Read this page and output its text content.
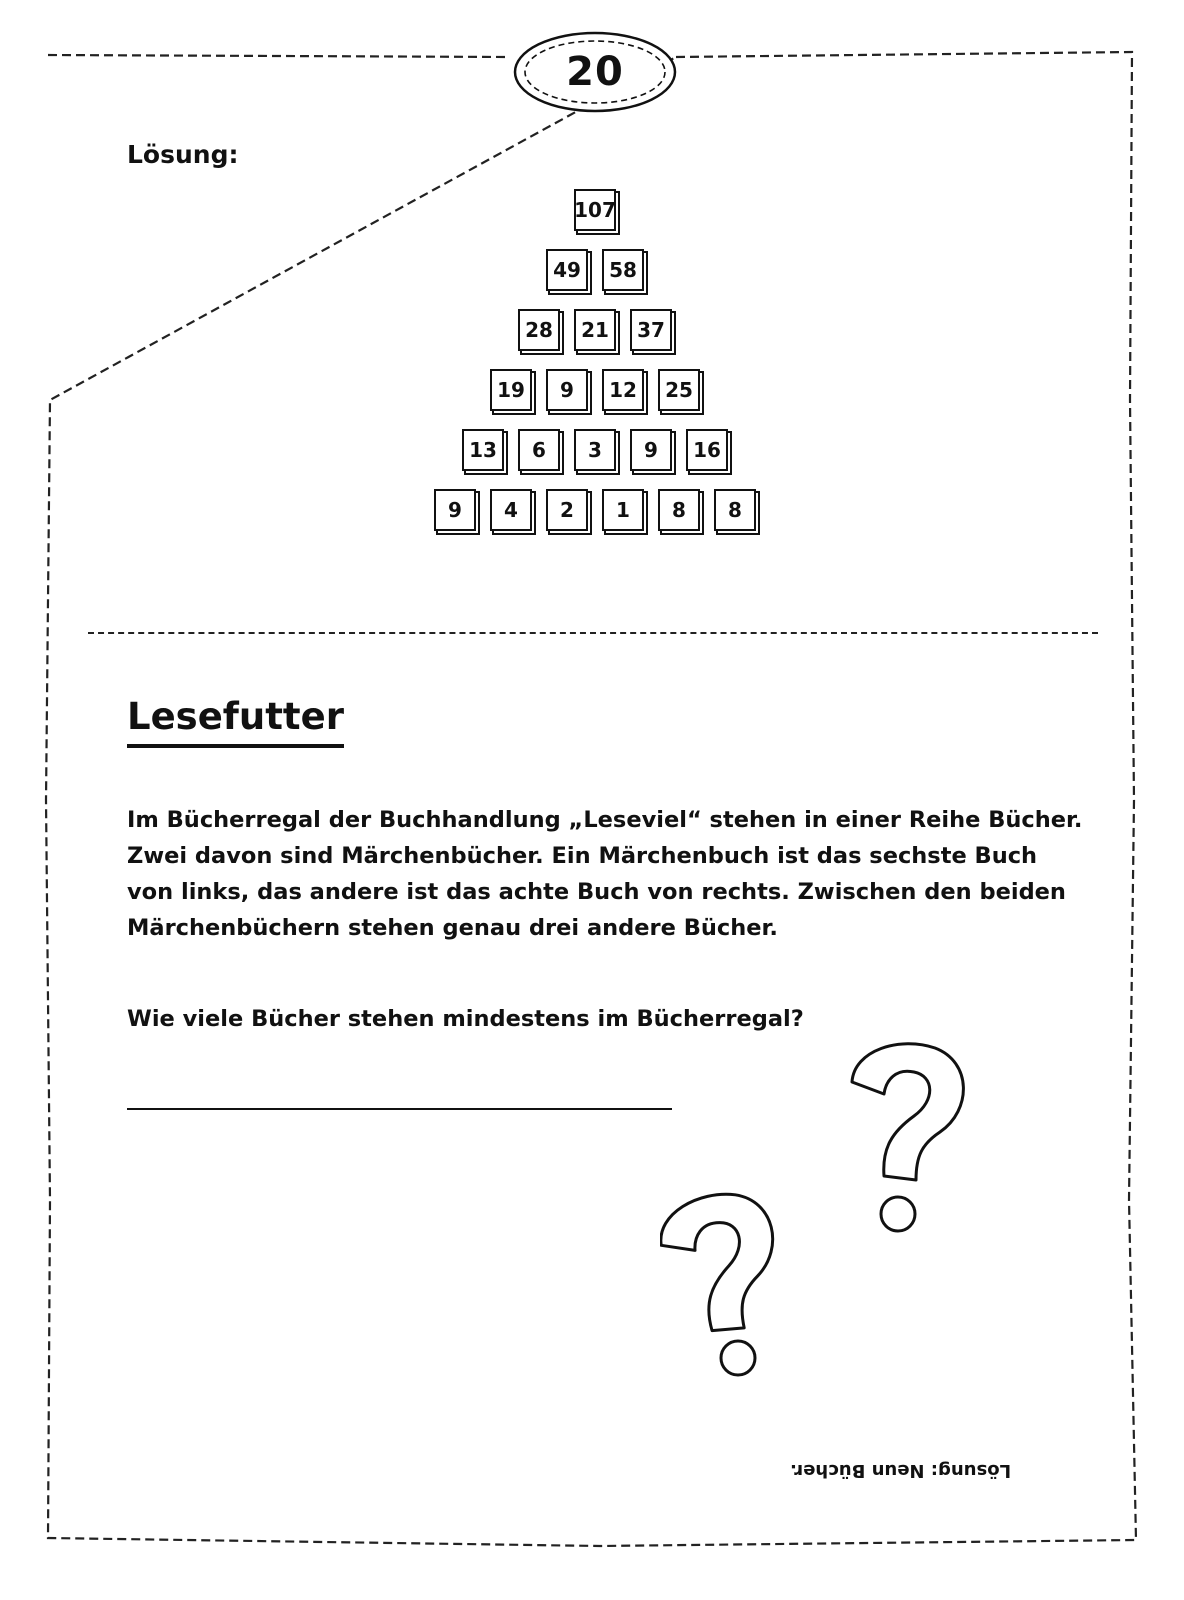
20
Lösung:
107
49	58
28	21	37
19	9	12	25
13	6	3	9	16
9	4	2	1	8	8
Lesefutter
Im Bücherregal der Buchhandlung „Leseviel“ stehen in einer Reihe Bücher.
Zwei davon sind Märchenbücher. Ein Märchenbuch ist das sechste Buch
von links, das andere ist das achte Buch von rechts. Zwischen den beiden
Märchenbüchern stehen genau drei andere Bücher.
Wie viele Bücher stehen mindestens im Bücherregal?
Lösung: Neun Bücher.
